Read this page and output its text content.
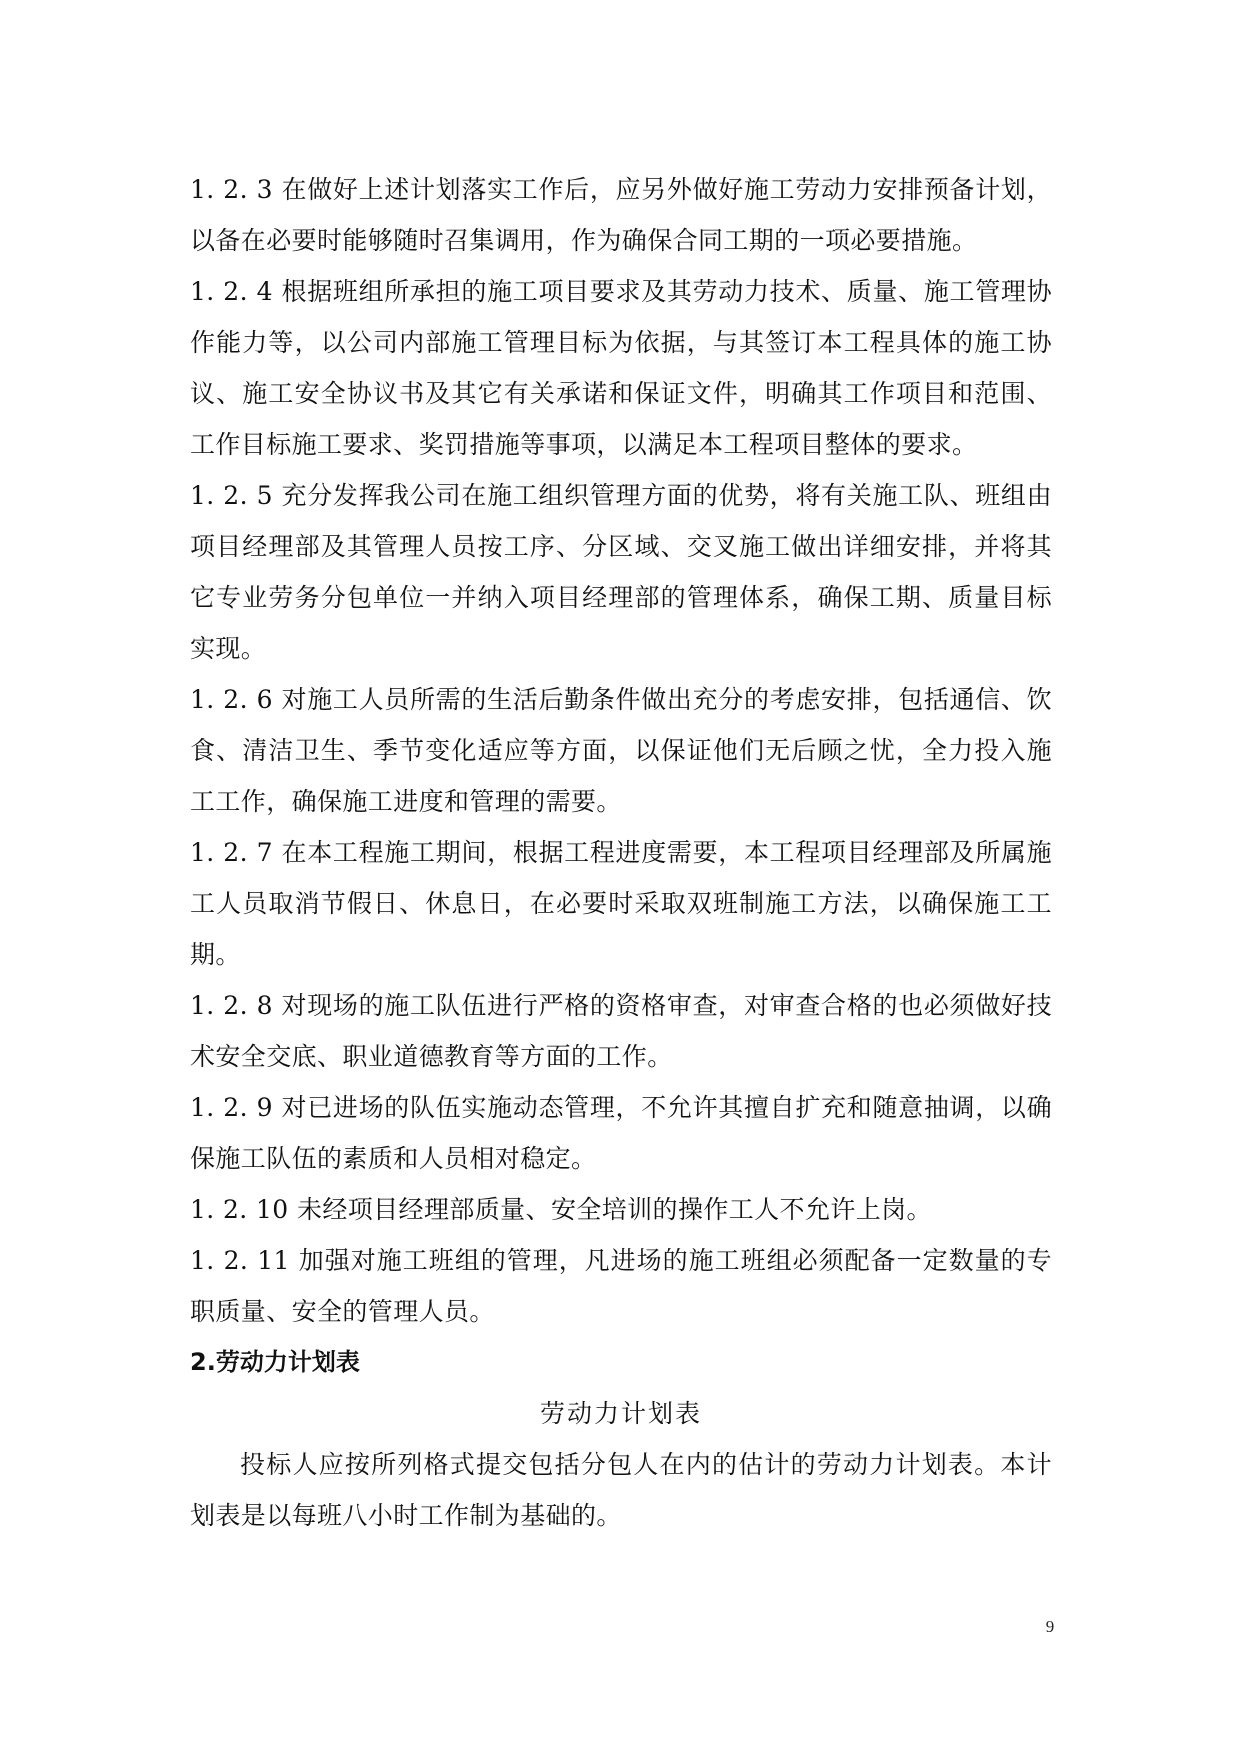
1. 2. 3 在做好上述计划落实工作后，应另外做好施工劳动力安排预备计划，以备在必要时能够随时召集调用，作为确保合同工期的一项必要措施。

1. 2. 4 根据班组所承担的施工项目要求及其劳动力技术、质量、施工管理协作能力等，以公司内部施工管理目标为依据，与其签订本工程具体的施工协议、施工安全协议书及其它有关承诺和保证文件，明确其工作项目和范围、工作目标施工要求、奖罚措施等事项，以满足本工程项目整体的要求。

1. 2. 5 充分发挥我公司在施工组织管理方面的优势，将有关施工队、班组由项目经理部及其管理人员按工序、分区域、交叉施工做出详细安排，并将其它专业劳务分包单位一并纳入项目经理部的管理体系，确保工期、质量目标实现。

1. 2. 6 对施工人员所需的生活后勤条件做出充分的考虑安排，包括通信、饮食、清洁卫生、季节变化适应等方面，以保证他们无后顾之忧，全力投入施工工作，确保施工进度和管理的需要。

1. 2. 7 在本工程施工期间，根据工程进度需要，本工程项目经理部及所属施工人员取消节假日、休息日，在必要时采取双班制施工方法，以确保施工工期。

1. 2. 8 对现场的施工队伍进行严格的资格审查，对审查合格的也必须做好技术安全交底、职业道德教育等方面的工作。

1. 2. 9 对已进场的队伍实施动态管理，不允许其擅自扩充和随意抽调，以确保施工队伍的素质和人员相对稳定。

1. 2. 10 未经项目经理部质量、安全培训的操作工人不允许上岗。

1. 2. 11 加强对施工班组的管理，凡进场的施工班组必须配备一定数量的专职质量、安全的管理人员。

2.劳动力计划表

劳动力计划表

投标人应按所列格式提交包括分包人在内的估计的劳动力计划表。本计划表是以每班八小时工作制为基础的。

9
